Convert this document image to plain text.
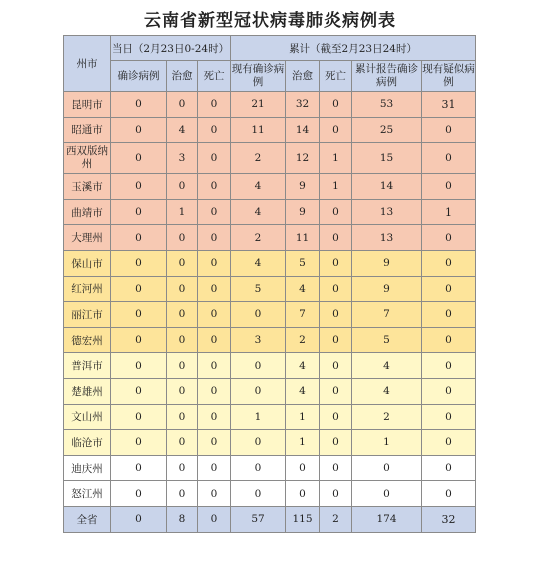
云南省新型冠状病毒肺炎病例表
州市	当日（2月23日0-24时）			累计（截至2月23日24时）				
	确诊病例	治愈	死亡	现有确诊病例	治愈	死亡	累计报告确诊病例	现有疑似病例
昆明市	0	0	0	21	32	0	53	31
昭通市	0	4	0	11	14	0	25	0
西双版纳州	0	3	0	2	12	1	15	0
玉溪市	0	0	0	4	9	1	14	0
曲靖市	0	1	0	4	9	0	13	1
大理州	0	0	0	2	11	0	13	0
保山市	0	0	0	4	5	0	9	0
红河州	0	0	0	5	4	0	9	0
丽江市	0	0	0	0	7	0	7	0
德宏州	0	0	0	3	2	0	5	0
普洱市	0	0	0	0	4	0	4	0
楚雄州	0	0	0	0	4	0	4	0
文山州	0	0	0	1	1	0	2	0
临沧市	0	0	0	0	1	0	1	0
迪庆州	0	0	0	0	0	0	0	0
怒江州	0	0	0	0	0	0	0	0
全省	0	8	0	57	115	2	174	32
